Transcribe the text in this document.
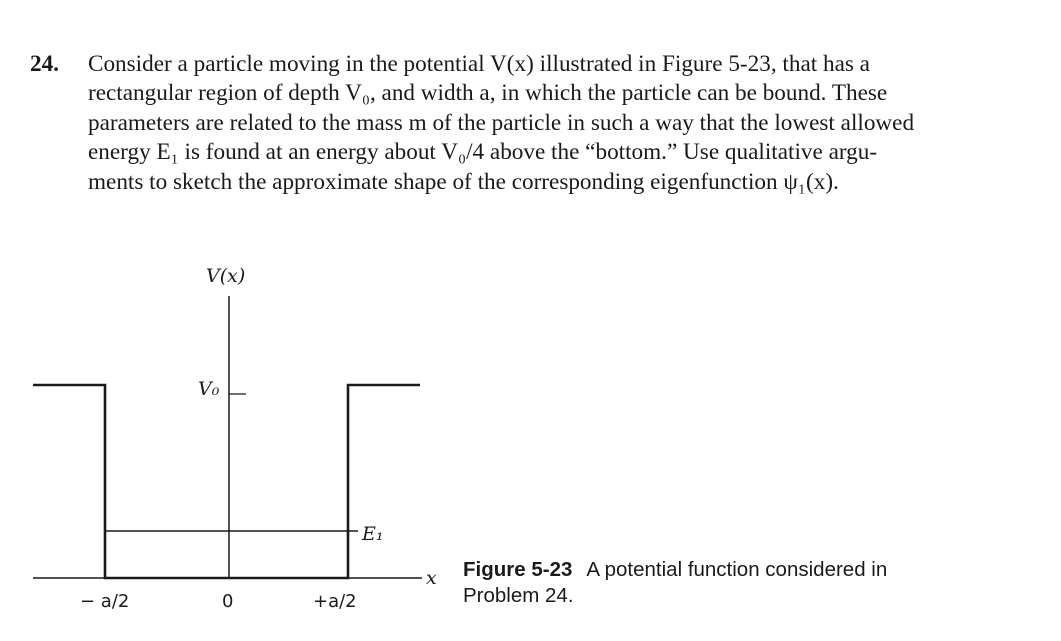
24. Consider a particle moving in the potential V(x) illustrated in Figure 5-23, that has a
rectangular region of depth V₀, and width a, in which the particle can be bound. These
parameters are related to the mass m of the particle in such a way that the lowest allowed
energy E₁ is found at an energy about V₀/4 above the “bottom.” Use qualitative argu-
ments to sketch the approximate shape of the corresponding eigenfunction ψ₁(x).
V(x)
V₀
E₁
x
− a/2	0	+a/2
Figure 5-23 A potential function considered in
Problem 24.
